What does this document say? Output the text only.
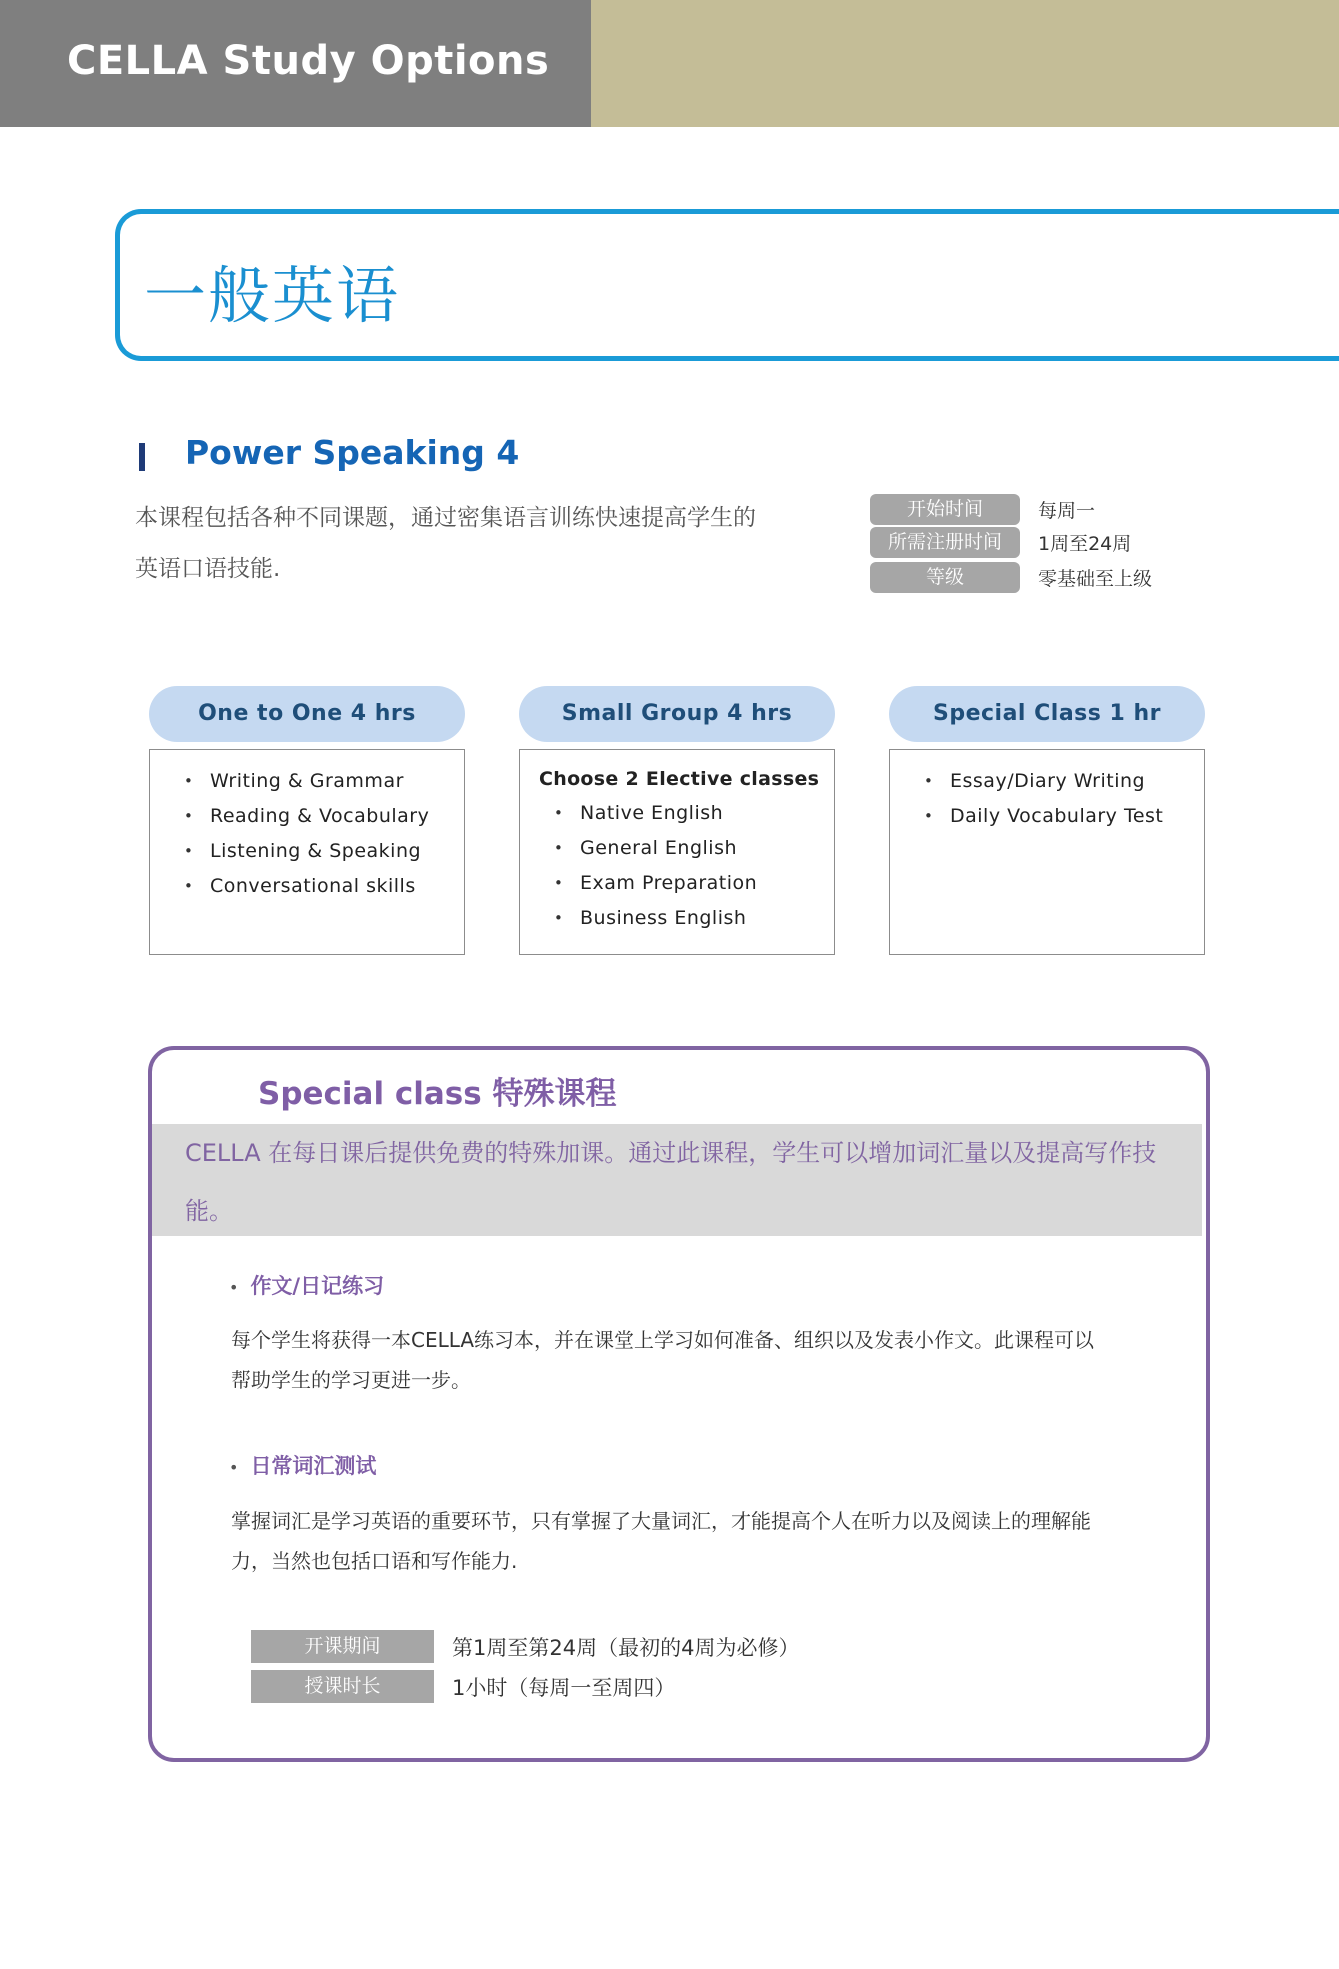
CELLA Study Options
一般英语
Power Speaking 4
本课程包括各种不同课题，通过密集语言训练快速提高学生的英语口语技能.
开始时间	每周一
所需注册时间	1周至24周
等级	零基础至上级
One to One 4 hrs
• Writing & Grammar
• Reading & Vocabulary
• Listening & Speaking
• Conversational skills
Small Group 4 hrs
Choose 2 Elective classes
• Native English
• General English
• Exam Preparation
• Business English
Special Class 1 hr
• Essay/Diary Writing
• Daily Vocabulary Test
Special class 特殊课程
CELLA 在每日课后提供免费的特殊加课。通过此课程，学生可以增加词汇量以及提高写作技能。
• 作文/日记练习
每个学生将获得一本CELLA练习本，并在课堂上学习如何准备、组织以及发表小作文。此课程可以帮助学生的学习更进一步。
• 日常词汇测试
掌握词汇是学习英语的重要环节，只有掌握了大量词汇，才能提高个人在听力以及阅读上的理解能力，当然也包括口语和写作能力.
开课期间	第1周至第24周（最初的4周为必修）
授课时长	1小时（每周一至周四）
